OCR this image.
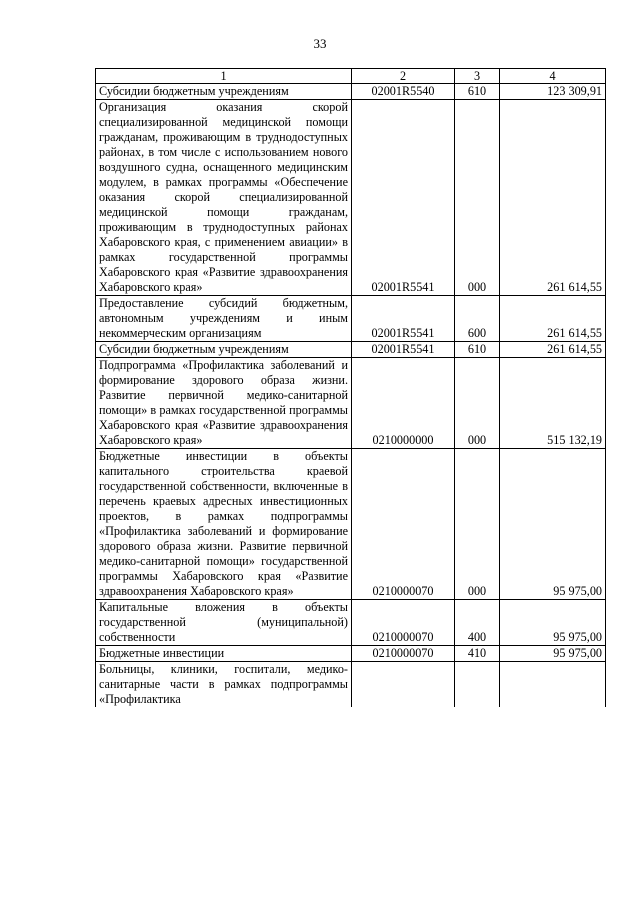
33
1	2	3	4
Субсидии бюджетным учреждениям	02001R5540	610	123 309,91
Организация оказания скорой специализированной медицинской помощи гражданам, проживающим в труднодоступных районах, в том числе с использованием нового воздушного судна, оснащенного медицинским модулем, в рамках программы «Обеспечение оказания скорой специализированной медицинской помощи гражданам, проживающим в труднодоступных районах Хабаровского края, с применением авиации» в рамках государственной программы Хабаровского края «Развитие здравоохранения Хабаровского края»	02001R5541	000	261 614,55
Предоставление субсидий бюджетным, автономным учреждениям и иным некоммерческим организациям	02001R5541	600	261 614,55
Субсидии бюджетным учреждениям	02001R5541	610	261 614,55
Подпрограмма «Профилактика заболеваний и формирование здорового образа жизни. Развитие первичной медико-санитарной помощи» в рамках государственной программы Хабаровского края «Развитие здравоохранения Хабаровского края»	0210000000	000	515 132,19
Бюджетные инвестиции в объекты капитального строительства краевой государственной собственности, включенные в перечень краевых адресных инвестиционных проектов, в рамках подпрограммы «Профилактика заболеваний и формирование здорового образа жизни. Развитие первичной медико-санитарной помощи» государственной программы Хабаровского края «Развитие здравоохранения Хабаровского края»	0210000070	000	95 975,00
Капитальные вложения в объекты государственной (муниципальной) собственности	0210000070	400	95 975,00
Бюджетные инвестиции	0210000070	410	95 975,00
Больницы, клиники, госпитали, медико-санитарные части в рамках подпрограммы «Профилактика			
